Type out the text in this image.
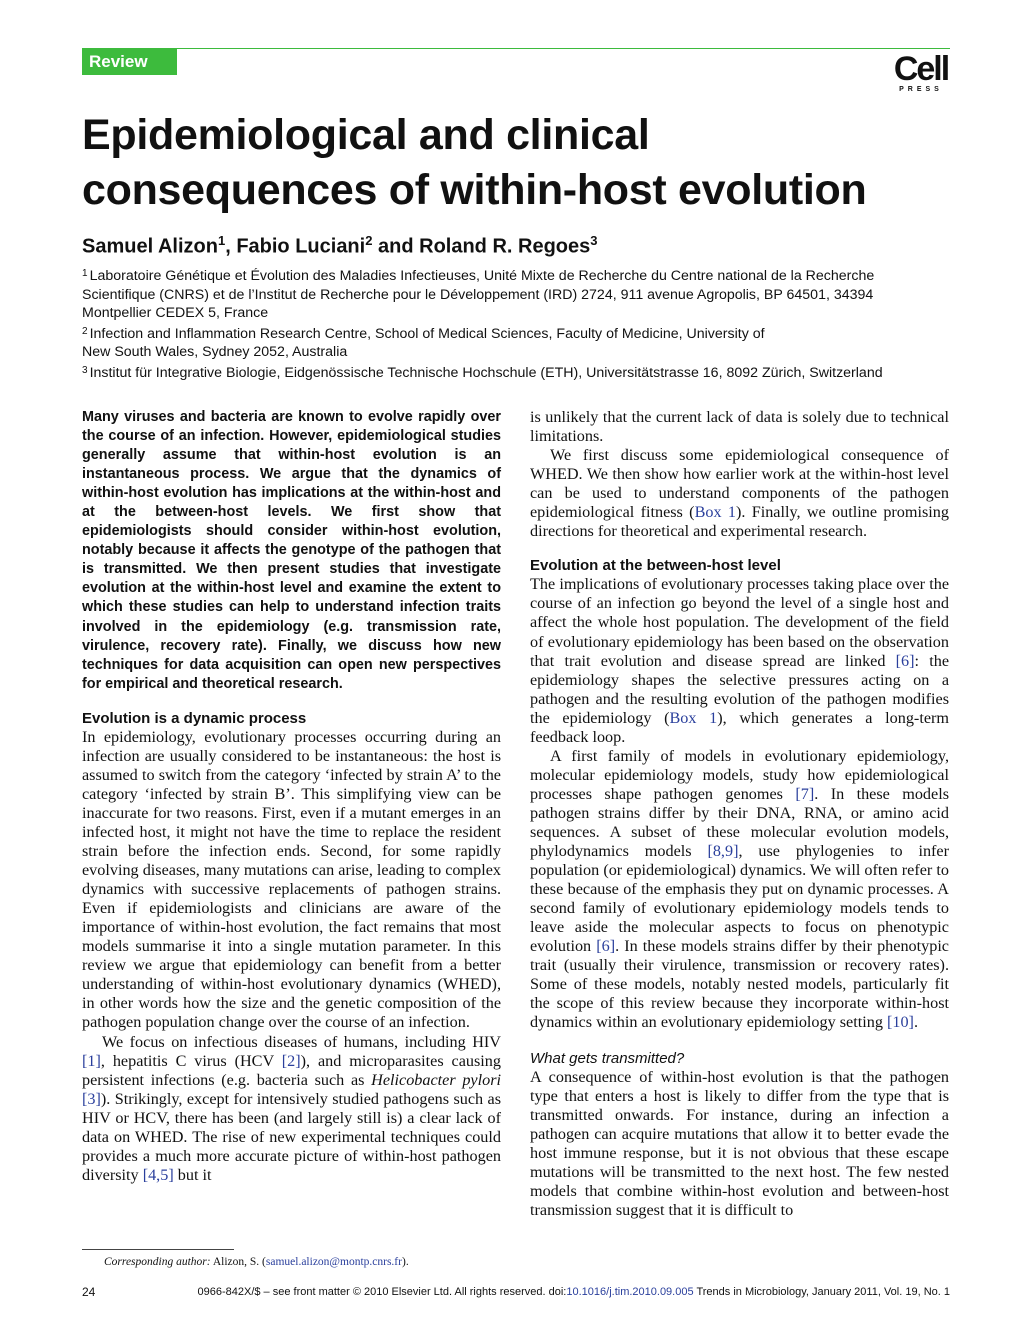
Review	Cell
PRESS
Epidemiological and clinical
consequences of within-host evolution
Samuel Alizon$^1$, Fabio Luciani$^2$ and Roland R. Regoes$^3$
$^1$ Laboratoire Génétique et Évolution des Maladies Infectieuses, Unité Mixte de Recherche du Centre national de la Recherche
Scientifique (CNRS) et de l’Institut de Recherche pour le Développement (IRD) 2724, 911 avenue Agropolis, BP 64501, 34394
Montpellier CEDEX 5, France
$^2$ Infection and Inflammation Research Centre, School of Medical Sciences, Faculty of Medicine, University of
New South Wales, Sydney 2052, Australia
$^3$ Institut für Integrative Biologie, Eidgenössische Technische Hochschule (ETH), Universitätstrasse 16, 8092 Zürich, Switzerland

Many viruses and bacteria are known to evolve rapidly over the course of an infection. However, epidemiological studies generally assume that within-host evolution is an instantaneous process. We argue that the dynamics of within-host evolution has implications at the within-host and at the between-host levels. We first show that epidemiologists should consider within-host evolution, notably because it affects the genotype of the pathogen that is transmitted. We then present studies that investigate evolution at the within-host level and examine the extent to which these studies can help to understand infection traits involved in the epidemiology (e.g. transmission rate, virulence, recovery rate). Finally, we discuss how new techniques for data acquisition can open new perspectives for empirical and theoretical research.

Evolution is a dynamic process

In epidemiology, evolutionary processes occurring during an infection are usually considered to be instantaneous: the host is assumed to switch from the category ‘infected by strain A’ to the category ‘infected by strain B’. This simplifying view can be inaccurate for two reasons. First, even if a mutant emerges in an infected host, it might not have the time to replace the resident strain before the infection ends. Second, for some rapidly evolving diseases, many mutations can arise, leading to complex dynamics with successive replacements of pathogen strains. Even if epidemiologists and clinicians are aware of the importance of within-host evolution, the fact remains that most models summarise it into a single mutation parameter. In this review we argue that epidemiology can benefit from a better understanding of within-host evolutionary dynamics (WHED), in other words how the size and the genetic composition of the pathogen population change over the course of an infection.

We focus on infectious diseases of humans, including HIV [1], hepatitis C virus (HCV [2]), and microparasites causing persistent infections (e.g. bacteria such as Helicobacter pylori [3]). Strikingly, except for intensively studied pathogens such as HIV or HCV, there has been (and largely still is) a clear lack of data on WHED. The rise of new experimental techniques could provides a much more accurate picture of within-host pathogen diversity [4,5] but it

is unlikely that the current lack of data is solely due to technical limitations.

We first discuss some epidemiological consequence of WHED. We then show how earlier work at the within-host level can be used to understand components of the pathogen epidemiological fitness (Box 1). Finally, we outline promising directions for theoretical and experimental research.

Evolution at the between-host level

The implications of evolutionary processes taking place over the course of an infection go beyond the level of a single host and affect the whole host population. The development of the field of evolutionary epidemiology has been based on the observation that trait evolution and disease spread are linked [6]: the epidemiology shapes the selective pressures acting on a pathogen and the resulting evolution of the pathogen modifies the epidemiology (Box 1), which generates a long-term feedback loop.

A first family of models in evolutionary epidemiology, molecular epidemiology models, study how epidemiological processes shape pathogen genomes [7]. In these models pathogen strains differ by their DNA, RNA, or amino acid sequences. A subset of these molecular evolution models, phylodynamics models [8,9], use phylogenies to infer population (or epidemiological) dynamics. We will often refer to these because of the emphasis they put on dynamic processes. A second family of evolutionary epidemiology models tends to leave aside the molecular aspects to focus on phenotypic evolution [6]. In these models strains differ by their phenotypic trait (usually their virulence, transmission or recovery rates). Some of these models, notably nested models, particularly fit the scope of this review because they incorporate within-host dynamics within an evolutionary epidemiology setting [10].

What gets transmitted?

A consequence of within-host evolution is that the pathogen type that enters a host is likely to differ from the type that is transmitted onwards. For instance, during an infection a pathogen can acquire mutations that allow it to better evade the host immune response, but it is not obvious that these escape mutations will be transmitted to the next host. The few nested models that combine within-host evolution and between-host transmission suggest that it is difficult to

Corresponding author: Alizon, S. (samuel.alizon@montp.cnrs.fr).
24	0966-842X/$ – see front matter © 2010 Elsevier Ltd. All rights reserved. doi:10.1016/j.tim.2010.09.005 Trends in Microbiology, January 2011, Vol. 19, No. 1
